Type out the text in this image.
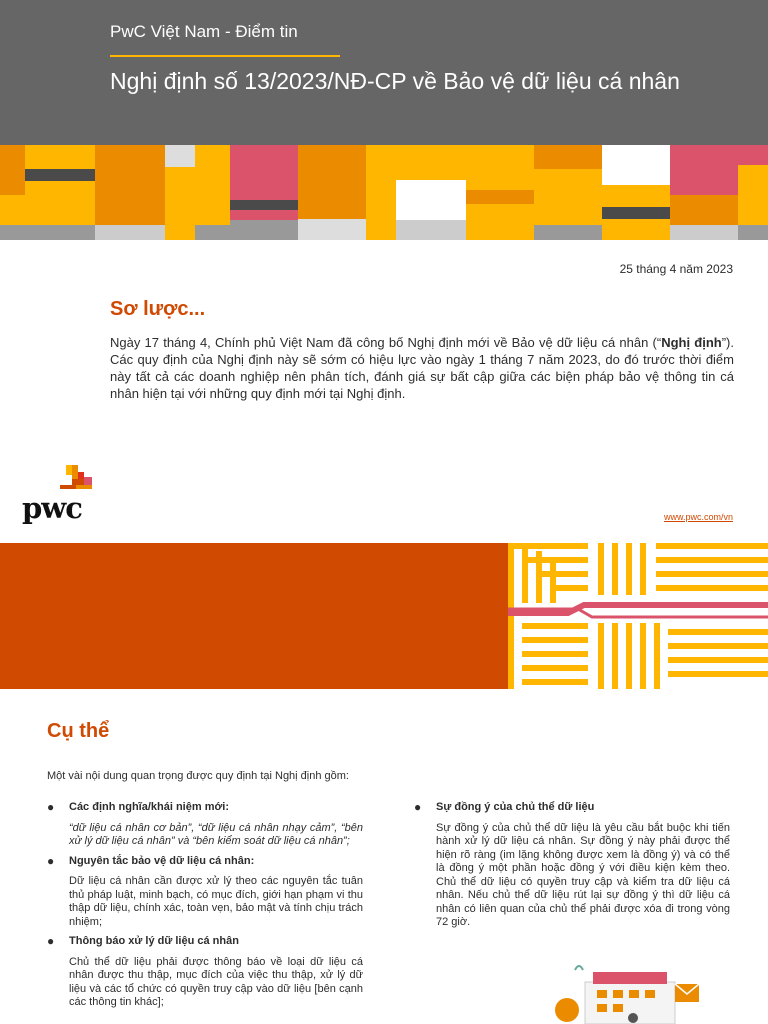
PwC Việt Nam - Điểm tin
Nghị định số 13/2023/NĐ-CP về Bảo vệ dữ liệu cá nhân
25 tháng 4 năm 2023
Sơ lược...
Ngày 17 tháng 4, Chính phủ Việt Nam đã công bố Nghị định mới về Bảo vệ dữ liệu cá nhân (“Nghị định”). Các quy định của Nghị định này sẽ sớm có hiệu lực vào ngày 1 tháng 7 năm 2023, do đó trước thời điểm này tất cả các doanh nghiệp nên phân tích, đánh giá sự bất cập giữa các biện pháp bảo vệ thông tin cá nhân hiện tại với những quy định mới tại Nghị định.
pwc	www.pwc.com/vn
Cụ thể
Một vài nội dung quan trọng được quy định tại Nghị định gồm:
● Các định nghĩa/khái niệm mới:
“dữ liệu cá nhân cơ bản”, “dữ liệu cá nhân nhạy cảm”, “bên xử lý dữ liệu cá nhân” và “bên kiểm soát dữ liệu cá nhân”;
● Nguyên tắc bảo vệ dữ liệu cá nhân:
Dữ liệu cá nhân cần được xử lý theo các nguyên tắc tuân thủ pháp luật, minh bạch, có mục đích, giới hạn phạm vi thu thập dữ liệu, chính xác, toàn vẹn, bảo mật và tính chịu trách nhiệm;
● Thông báo xử lý dữ liệu cá nhân
Chủ thể dữ liệu phải được thông báo về loại dữ liệu cá nhân được thu thập, mục đích của việc thu thập, xử lý dữ liệu và các tổ chức có quyền truy cập vào dữ liệu [bên cạnh các thông tin khác];
● Sự đồng ý của chủ thể dữ liệu
Sự đồng ý của chủ thể dữ liệu là yêu cầu bắt buộc khi tiến hành xử lý dữ liệu cá nhân. Sự đồng ý này phải được thể hiện rõ ràng (im lặng không được xem là đồng ý) và có thể là đồng ý một phần hoặc đồng ý với điều kiện kèm theo. Chủ thể dữ liệu có quyền truy cập và kiểm tra dữ liệu cá nhân. Nếu chủ thể dữ liệu rút lại sự đồng ý thì dữ liệu cá nhân có liên quan của chủ thể phải được xóa đi trong vòng 72 giờ.
